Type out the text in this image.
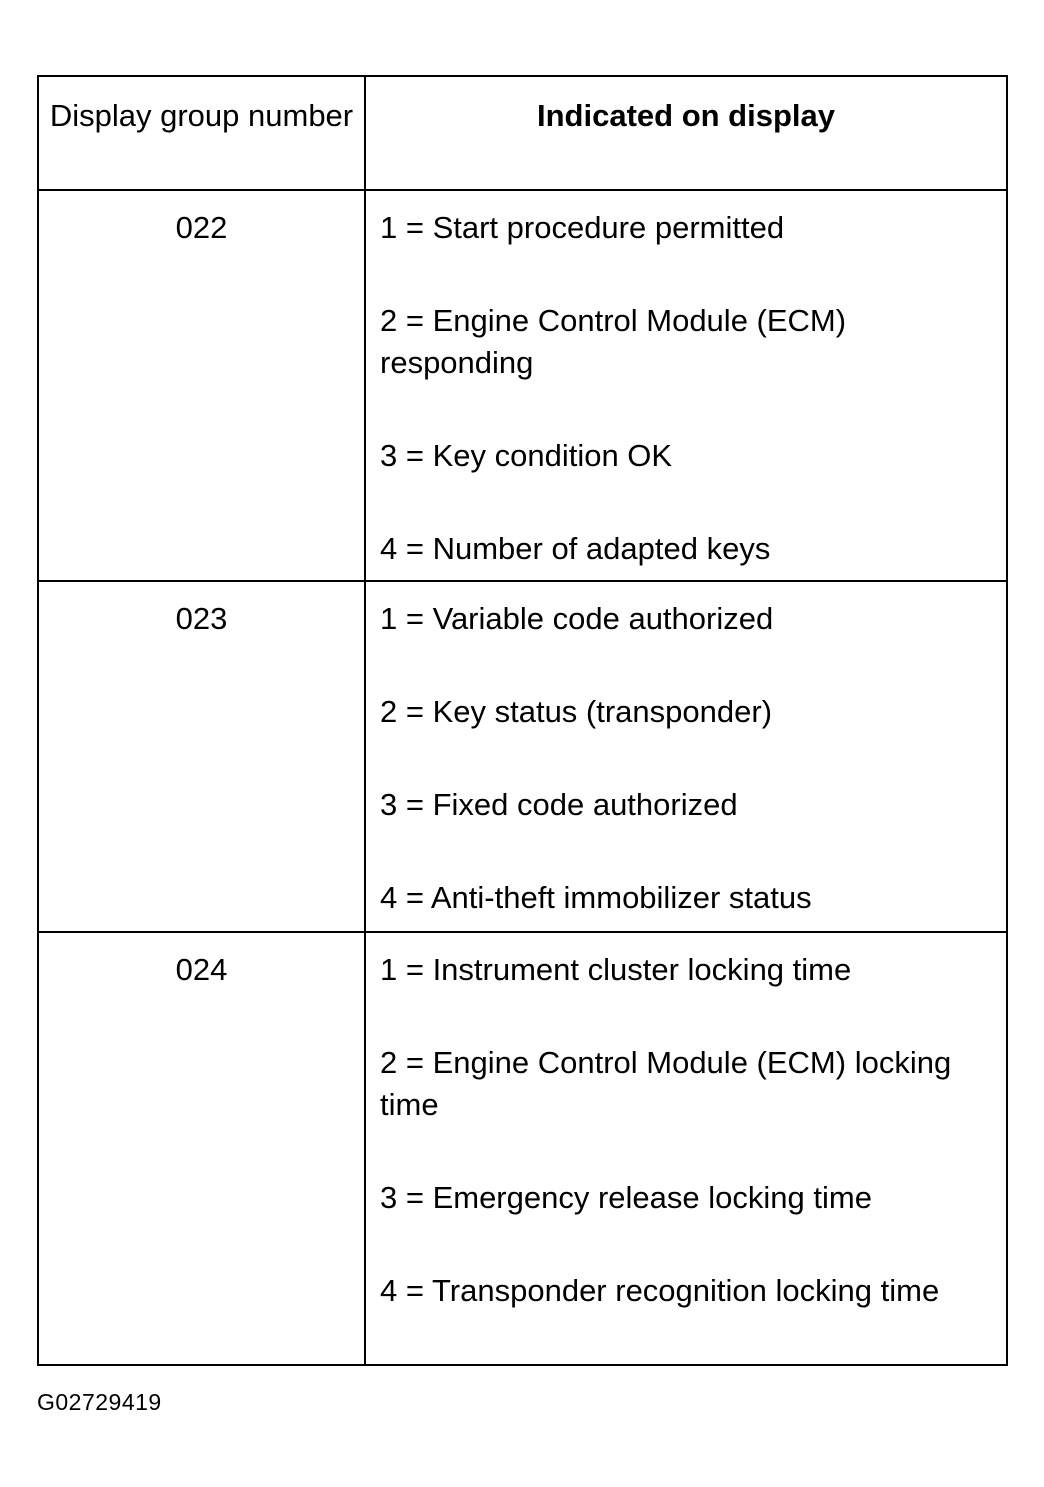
Display group number	Indicated on display
022	1 = Start procedure permitted

2 = Engine Control Module (ECM) responding

3 = Key condition OK

4 = Number of adapted keys

023	1 = Variable code authorized

2 = Key status (transponder)

3 = Fixed code authorized

4 = Anti-theft immobilizer status

024	1 = Instrument cluster locking time

2 = Engine Control Module (ECM) locking time

3 = Emergency release locking time

4 = Transponder recognition locking time

G02729419
